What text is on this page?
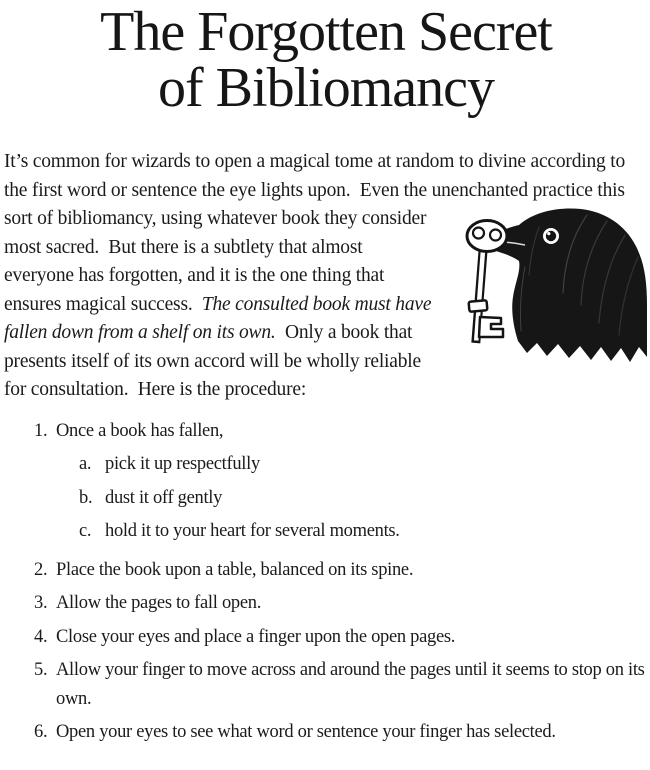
The Forgotten Secret
of Bibliomancy

It’s common for wizards to open a magical tome at random to divine according to the first word or sentence the eye lights upon.  Even the unenchanted practice this sort of bibliomancy, using whatever book they
consider most sacred.  But there is a subtlety that almost everyone has forgotten, and it is the one thing that ensures magical success.  The consulted book must have fallen down from a shelf on its own.  Only a book that presents itself of its own accord will be wholly reliable for consultation.  Here is the procedure:

1. Once a book has fallen,
a. pick it up respectfully
b. dust it off gently
c. hold it to your heart for several moments.
2. Place the book upon a table, balanced on its spine.
3. Allow the pages to fall open.
4. Close your eyes and place a finger upon the open pages.
5. Allow your finger to move across and around the pages until it seems to stop on its own.
6. Open your eyes to see what word or sentence your finger has selected.
